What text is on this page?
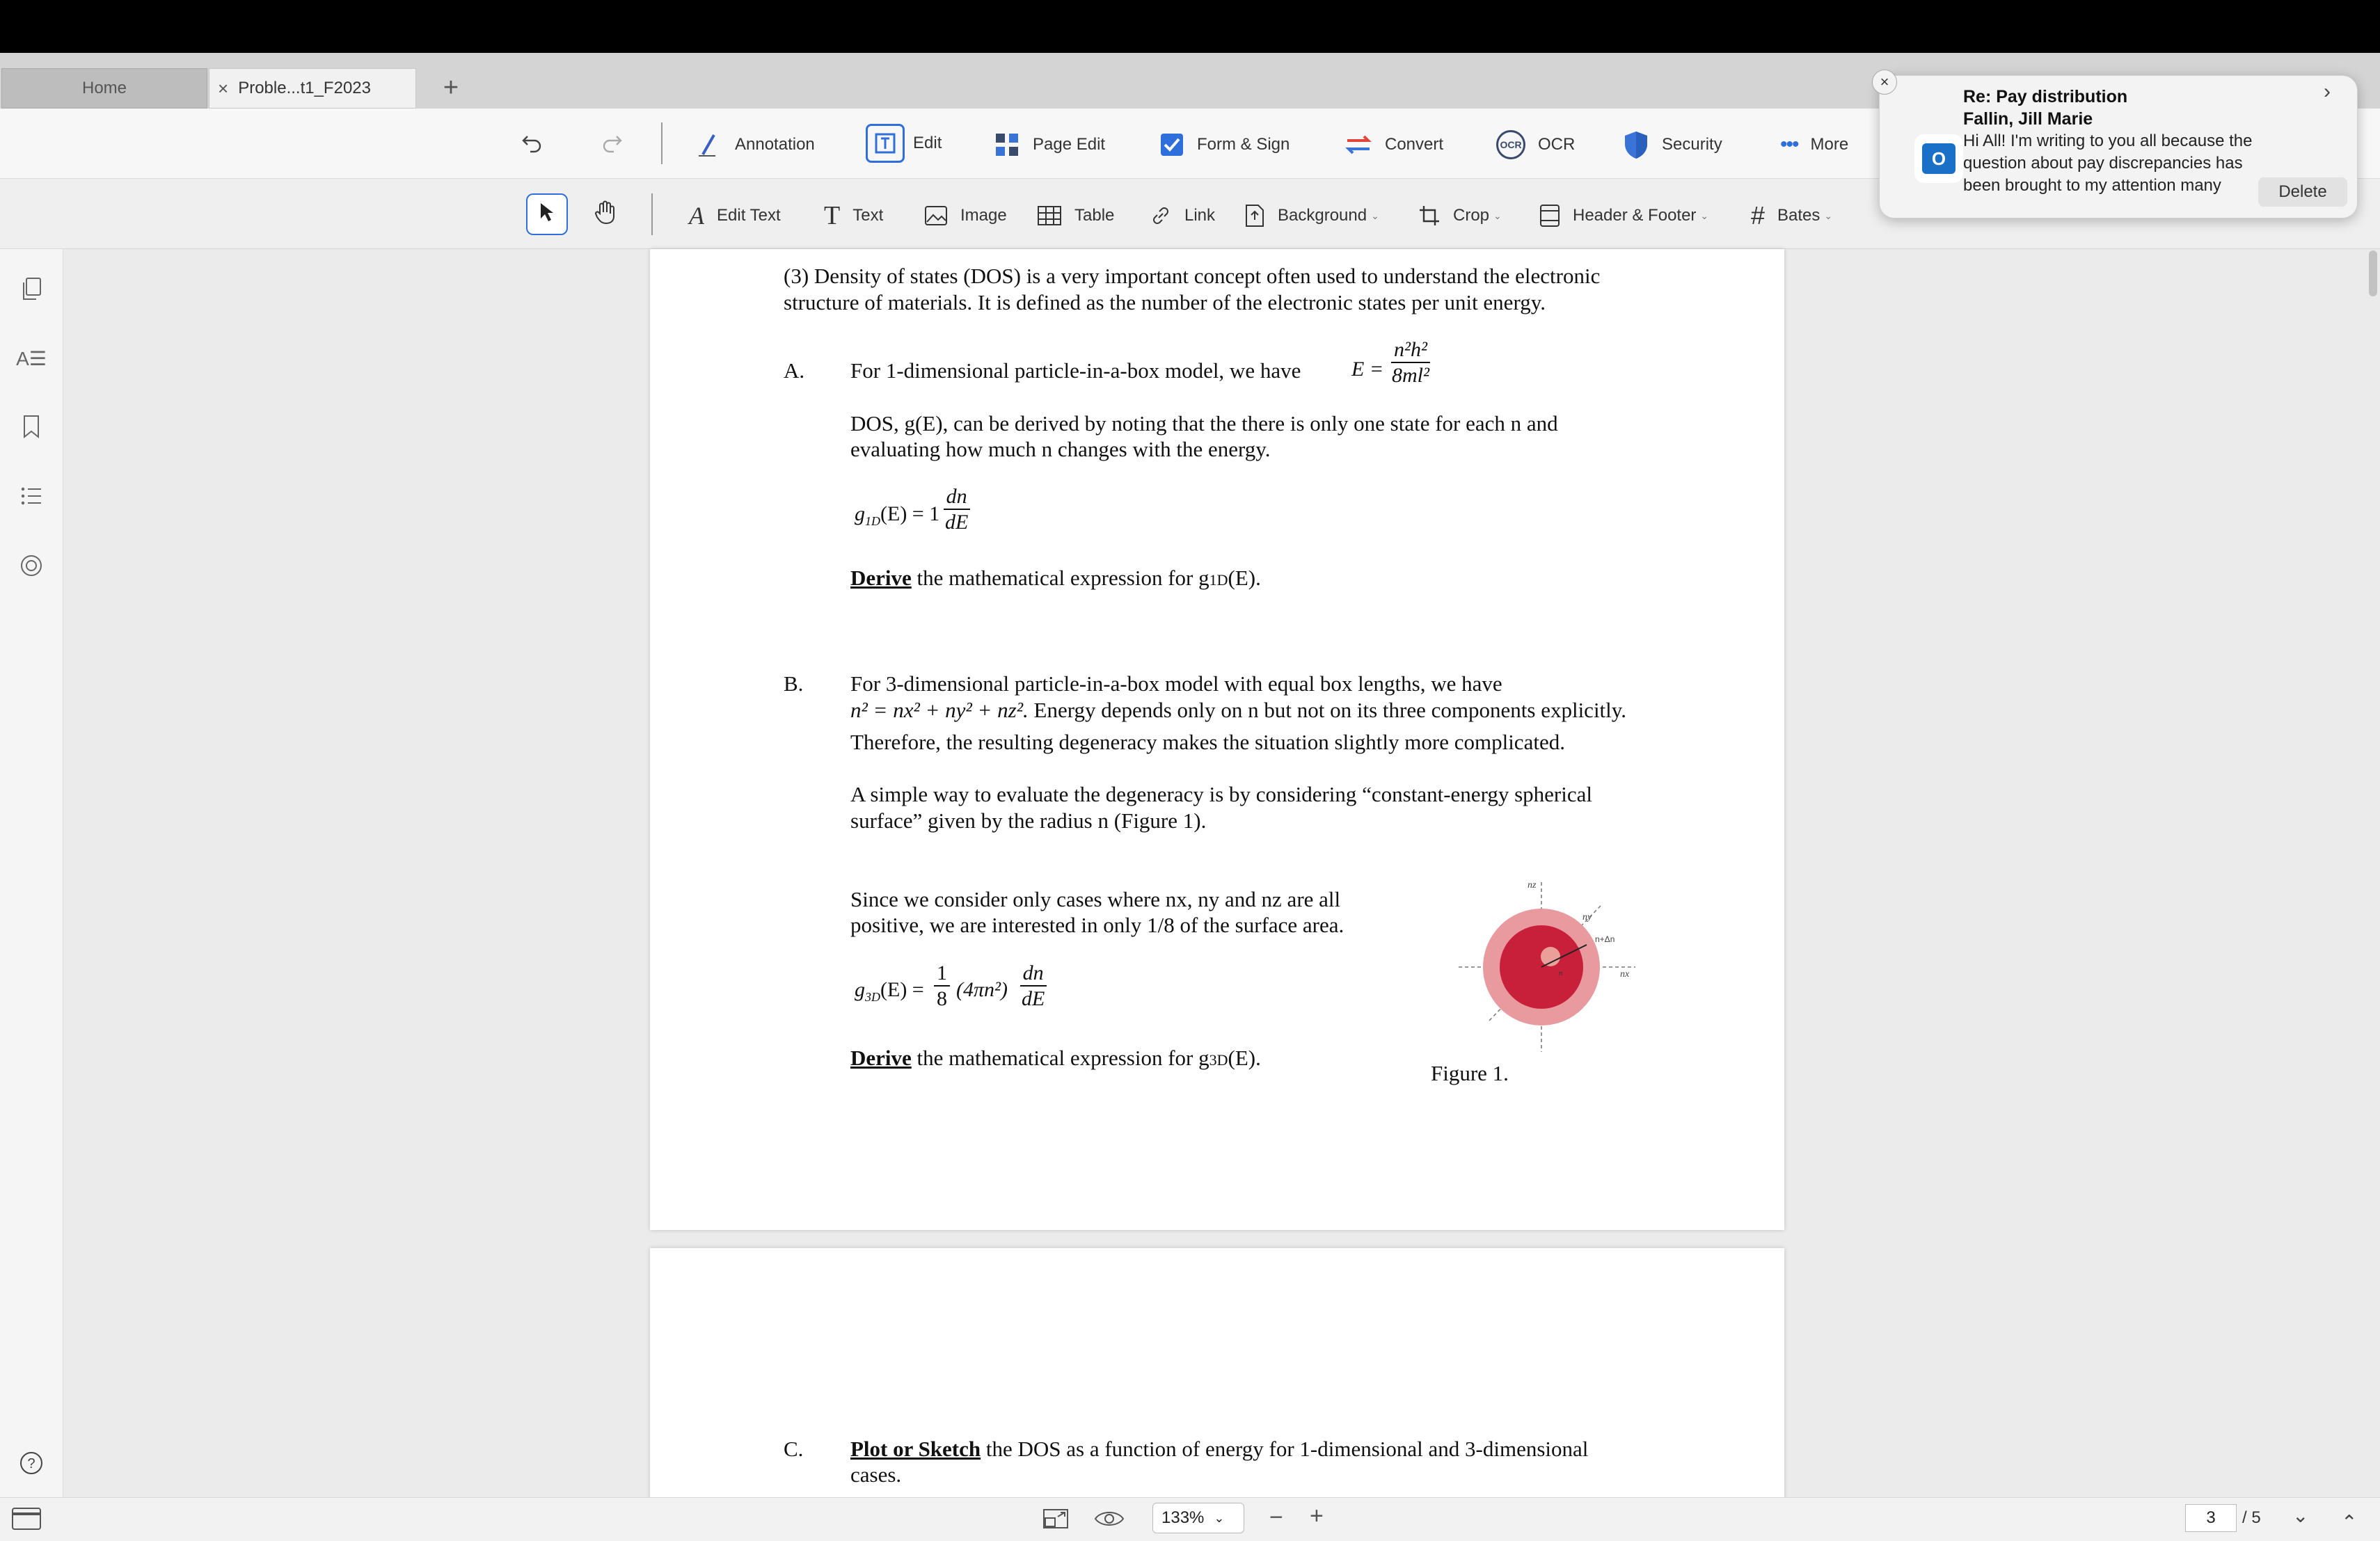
Home	× Proble...t1_F2023	+
Annotation	Edit	Page Edit	Form & Sign	Convert	OCR OCR	Security	••• More
A Edit Text T Text	Image	Table	Link	Background ⌄	Crop ⌄	Header & Footer ⌄ # Bates ⌄
A☰
?
(3) Density of states (DOS) is a very important concept often used to understand the electronic
structure of materials. It is defined as the number of the electronic states per unit energy.
A. For 1-dimensional particle-in-a-box model, we have $E = \frac{\text{n²h²}}{\text{8ml²}}$
DOS, g(E), can be derived by noting that the there is only one state for each n and
evaluating how much n changes with the energy.
$g_{1D}(E) = 1 \frac{dn}{dE}$
Derive the mathematical expression for g1D(E).
B. For 3-dimensional particle-in-a-box model with equal box lengths, we have
n² = nx² + ny² + nz². Energy depends only on n but not on its three components explicitly.
Therefore, the resulting degeneracy makes the situation slightly more complicated.
A simple way to evaluate the degeneracy is by considering “constant-energy spherical
surface” given by the radius n (Figure 1).
Since we consider only cases where nx, ny and nz are all
positive, we are interested in only 1/8 of the surface area.
$g_{3D}(E) = \frac{1}{8} (4\pi n^2) \frac{dn}{dE}$
Derive the mathematical expression for g3D(E).
nz
ny
nx
n+Δn
n
Figure 1.
C. Plot or Sketch the DOS as a function of energy for 1-dimensional and 3-dimensional
cases.
O
Re: Pay distribution
Fallin, Jill Marie
Hi All! I'm writing to you all because the
question about pay discrepancies has
been brought to my attention many	Delete
›
×
133% ⌄ − +	3	/ 5 ⌄ ⌄
